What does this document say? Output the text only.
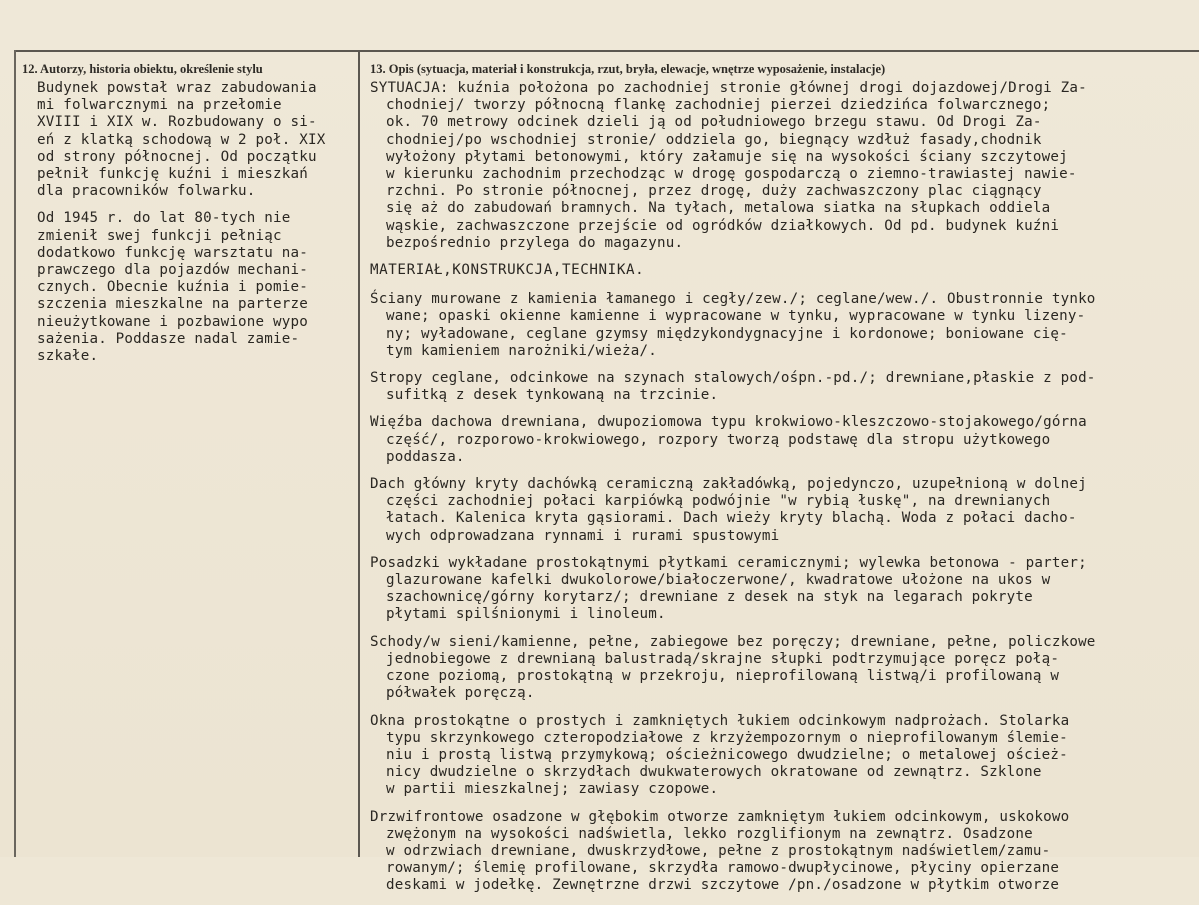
12. Autorzy, historia obiektu, określenie stylu	13. Opis (sytuacja, materiał i konstrukcja, rzut, bryła, elewacje, wnętrze wyposażenie, instalacje)
Budynek powstał wraz zabudowania
mi folwarcznymi na przełomie
XVIII i XIX w. Rozbudowany o si-
eń z klatką schodową w 2 poł. XIX
od strony północnej. Od początku
pełnił funkcję kuźni i mieszkań
dla pracowników folwarku.
Od 1945 r. do lat 80-tych nie
zmienił swej funkcji pełniąc
dodatkowo funkcję warsztatu na-
prawczego dla pojazdów mechani-
cznych. Obecnie kuźnia i pomie-
szczenia mieszkalne na parterze
nieużytkowane i pozbawione wypo
sażenia. Poddasze nadal zamie-
szkałe.
SYTUACJA: kuźnia położona po zachodniej stronie głównej drogi dojazdowej/Drogi Za-
chodniej/ tworzy północną flankę zachodniej pierzei dziedzińca folwarcznego;
ok. 70 metrowy odcinek dzieli ją od południowego brzegu stawu. Od Drogi Za-
chodniej/po wschodniej stronie/ oddziela go, biegnący wzdłuż fasady,chodnik
wyłożony płytami betonowymi, który załamuje się na wysokości ściany szczytowej
w kierunku zachodnim przechodząc w drogę gospodarczą o ziemno-trawiastej nawie-
rzchni. Po stronie północnej, przez drogę, duży zachwaszczony plac ciągnący
się aż do zabudowań bramnych. Na tyłach, metalowa siatka na słupkach oddiela
wąskie, zachwaszczone przejście od ogródków działkowych. Od pd. budynek kuźni
bezpośrednio przylega do magazynu.
MATERIAŁ,KONSTRUKCJA,TECHNIKA.
Ściany murowane z kamienia łamanego i cegły/zew./; ceglane/wew./. Obustronnie tynko
wane; opaski okienne kamienne i wypracowane w tynku, wypracowane w tynku lizeny-
ny; wyładowane, ceglane gzymsy międzykondygnacyjne i kordonowe; boniowane cię-
tym kamieniem narożniki/wieża/.
Stropy ceglane, odcinkowe na szynach stalowych/ośpn.-pd./; drewniane,płaskie z pod-
sufitką z desek tynkowaną na trzcinie.
Więźba dachowa drewniana, dwupoziomowa typu krokwiowo-kleszczowo-stojakowego/górna
część/, rozporowo-krokwiowego, rozpory tworzą podstawę dla stropu użytkowego
poddasza.
Dach główny kryty dachówką ceramiczną zakładówką, pojedynczo, uzupełnioną w dolnej
części zachodniej połaci karpiówką podwójnie "w rybią łuskę", na drewnianych
łatach. Kalenica kryta gąsiorami. Dach wieży kryty blachą. Woda z połaci dacho-
wych odprowadzana rynnami i rurami spustowymi
Posadzki wykładane prostokątnymi płytkami ceramicznymi; wylewka betonowa - parter;
glazurowane kafelki dwukolorowe/białoczerwone/, kwadratowe ułożone na ukos w
szachownicę/górny korytarz/; drewniane z desek na styk na legarach pokryte
płytami spilśnionymi i linoleum.
Schody/w sieni/kamienne, pełne, zabiegowe bez poręczy; drewniane, pełne, policzkowe
jednobiegowe z drewnianą balustradą/skrajne słupki podtrzymujące poręcz połą-
czone poziomą, prostokątną w przekroju, nieprofilowaną listwą/i profilowaną w
półwałek poręczą.
Okna prostokątne o prostych i zamkniętych łukiem odcinkowym nadprożach. Stolarka
typu skrzynkowego czteropodziałowe z krzyżempozornym o nieprofilowanym ślemie-
niu i prostą listwą przymykową; ościeżnicowego dwudzielne; o metalowej oścież-
nicy dwudzielne o skrzydłach dwukwaterowych okratowane od zewnątrz. Szklone
w partii mieszkalnej; zawiasy czopowe.
Drzwifrontowe osadzone w głębokim otworze zamkniętym łukiem odcinkowym, uskokowo
zwężonym na wysokości nadświetla, lekko rozglifionym na zewnątrz. Osadzone
w odrzwiach drewniane, dwuskrzydłowe, pełne z prostokątnym nadświetlem/zamu-
rowanym/; ślemię profilowane, skrzydła ramowo-dwupłycinowe, płyciny opierzane
deskami w jodełkę. Zewnętrzne drzwi szczytowe /pn./osadzone w płytkim otworze
